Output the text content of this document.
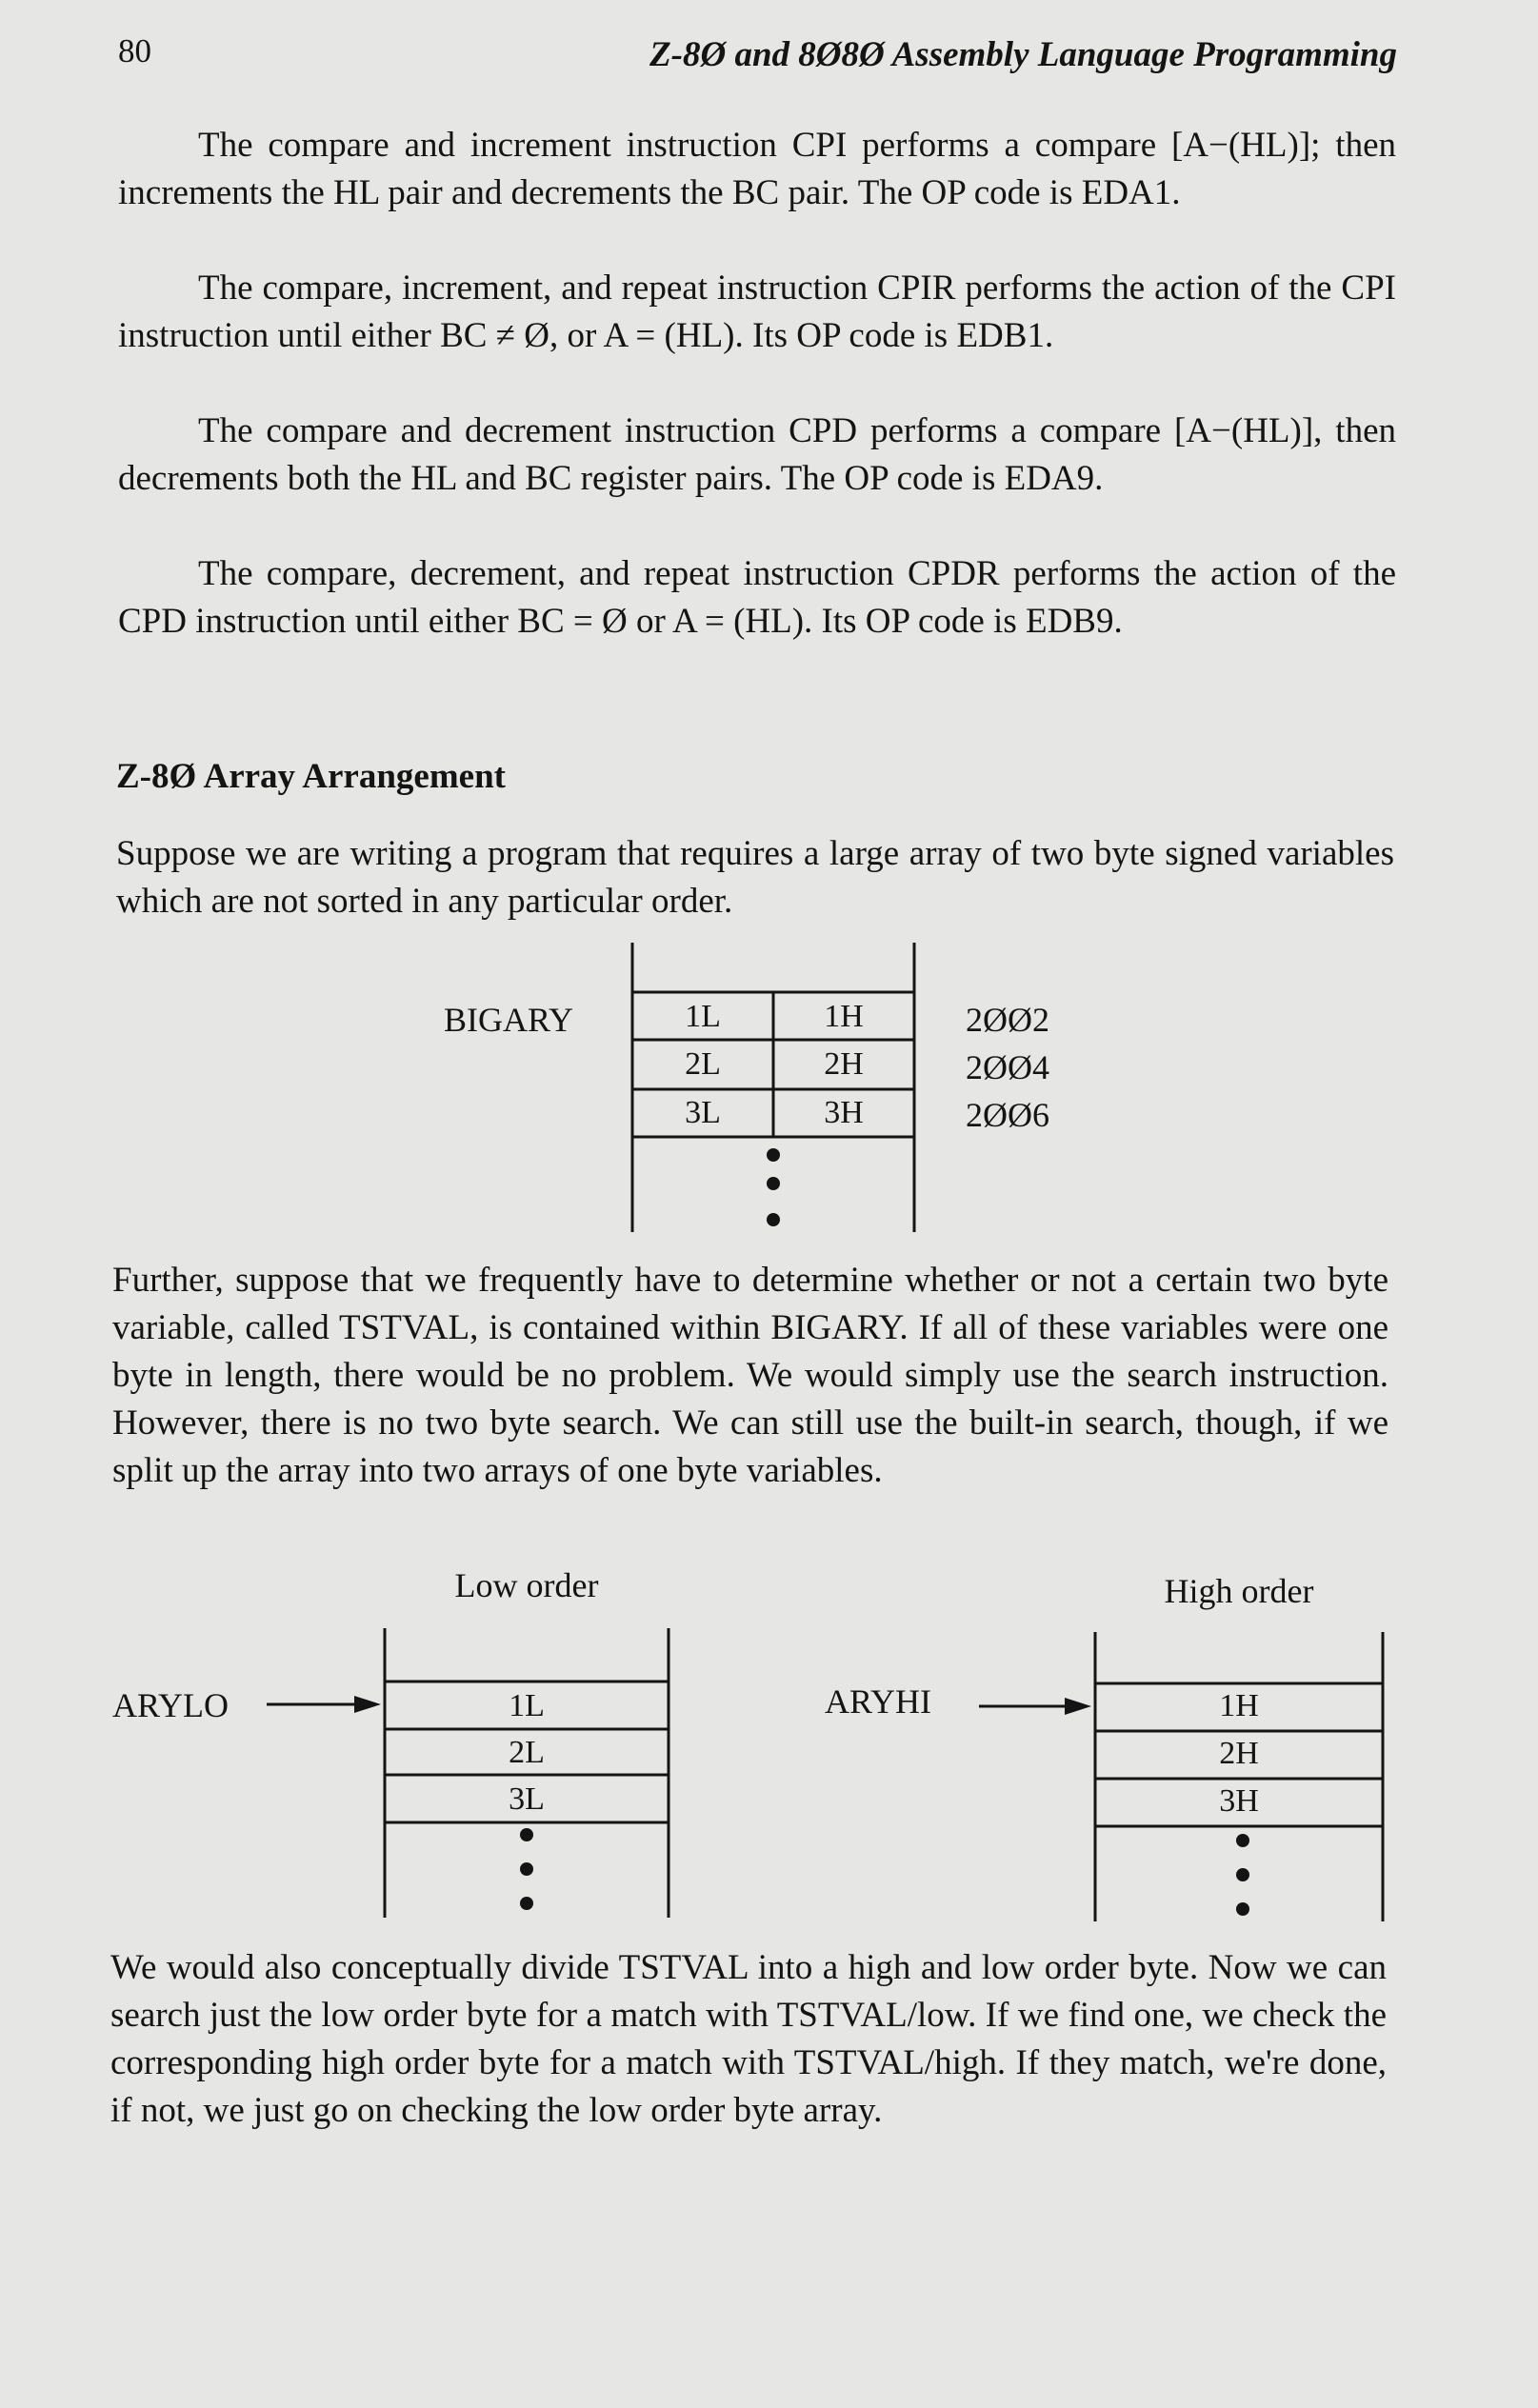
80	Z-8Ø and 8Ø8Ø Assembly Language Programming

The compare and increment instruction CPI performs a compare [A−(HL)]; then increments the HL pair and decrements the BC pair. The OP code is EDA1.

The compare, increment, and repeat instruction CPIR performs the action of the CPI instruction until either BC ≠ Ø, or A = (HL). Its OP code is EDB1.

The compare and decrement instruction CPD performs a compare [A−(HL)], then decrements both the HL and BC register pairs. The OP code is EDA9.

The compare, decrement, and repeat instruction CPDR performs the action of the CPD instruction until either BC = Ø or A = (HL). Its OP code is EDB9.

Z-8Ø Array Arrangement

Suppose we are writing a program that requires a large array of two byte signed variables which are not sorted in any particular order.

BIGARY	1L	1H	2ØØ2
2L	2H	2ØØ4
3L	3H	2ØØ6

Further, suppose that we frequently have to determine whether or not a certain two byte variable, called TSTVAL, is contained within BIGARY. If all of these variables were one byte in length, there would be no problem. We would simply use the search instruction. However, there is no two byte search. We can still use the built-in search, though, if we split up the array into two arrays of one byte variables.

Low order
ARYLO	1L
2L
3L
High order
ARYHI	1H
2H
3H

We would also conceptually divide TSTVAL into a high and low order byte. Now we can search just the low order byte for a match with TSTVAL/low. If we find one, we check the corresponding high order byte for a match with TSTVAL/high. If they match, we're done, if not, we just go on checking the low order byte array.
